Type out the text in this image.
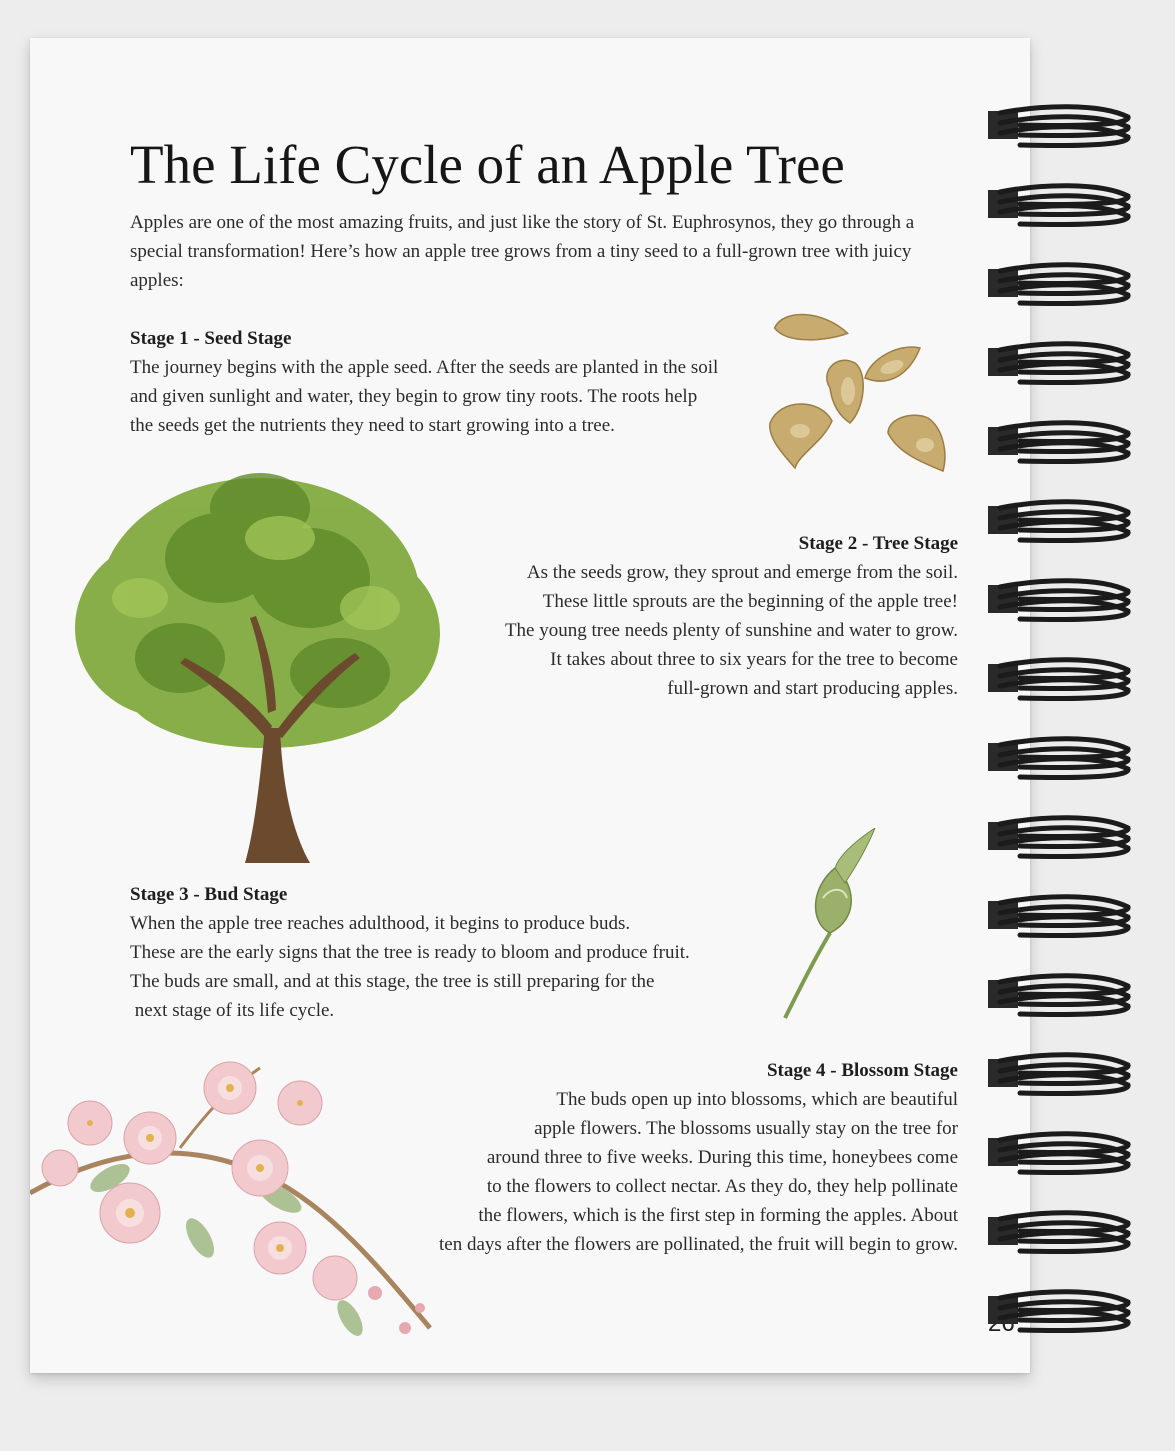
The Life Cycle of an Apple Tree

Apples are one of the most amazing fruits, and just like the story of St. Euphrosynos, they go through a special transformation! Here’s how an apple tree grows from a tiny seed to a full-grown tree with juicy apples:

Stage 1 - Seed Stage

The journey begins with the apple seed. After the seeds are planted in the soil

and given sunlight and water, they begin to grow tiny roots. The roots help

the seeds get the nutrients they need to start growing into a tree.

Stage 2 - Tree Stage

As the seeds grow, they sprout and emerge from the soil.

These little sprouts are the beginning of the apple tree!

The young tree needs plenty of sunshine and water to grow.

It takes about three to six years for the tree to become

full-grown and start producing apples.

Stage 3 - Bud Stage

When the apple tree reaches adulthood, it begins to produce buds.

These are the early signs that the tree is ready to bloom and produce fruit.

The buds are small, and at this stage, the tree is still preparing for the

next stage of its life cycle.

Stage 4 - Blossom Stage

The buds open up into blossoms, which are beautiful

apple flowers. The blossoms usually stay on the tree for

around three to five weeks. During this time, honeybees come

to the flowers to collect nectar. As they do, they help pollinate

the flowers, which is the first step in forming the apples. About

ten days after the flowers are pollinated, the fruit will begin to grow.
